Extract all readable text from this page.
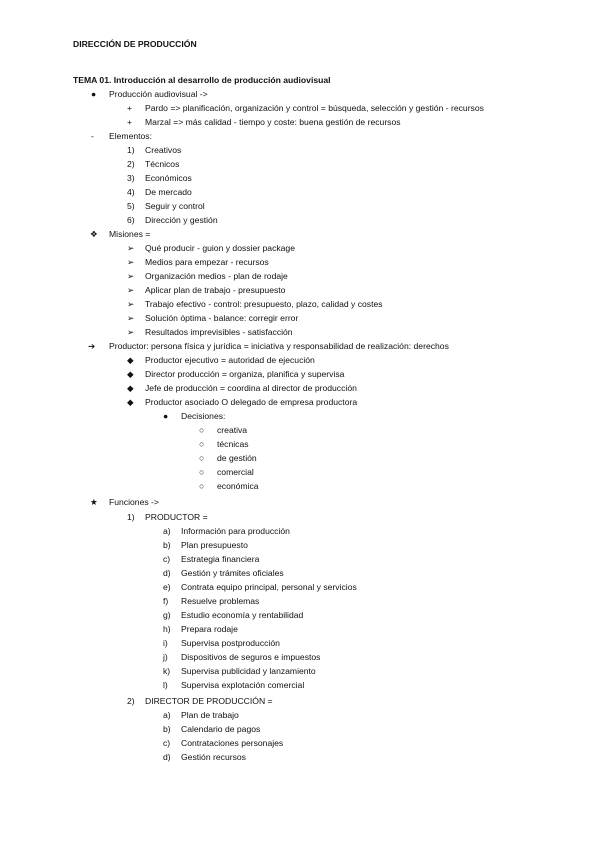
DIRECCIÓN DE PRODUCCIÓN
TEMA 01. Introducción al desarrollo de producción audiovisual
● Producción audiovisual ->
+ Pardo => planificación, organización y control = búsqueda, selección y gestión - recursos
+ Marzal => más calidad - tiempo y coste: buena gestión de recursos
- Elementos:
1) Creativos
2) Técnicos
3) Económicos
4) De mercado
5) Seguir y control
6) Dirección y gestión
❖ Misiones =
➢ Qué producir - guion y dossier package
➢ Medios para empezar - recursos
➢ Organización medios - plan de rodaje
➢ Aplicar plan de trabajo - presupuesto
➢ Trabajo efectivo - control: presupuesto, plazo, calidad y costes
➢ Solución óptima - balance: corregir error
➢ Resultados imprevisibles - satisfacción
➔ Productor: persona física y jurídica = iniciativa y responsabilidad de realización: derechos
◆ Productor ejecutivo = autoridad de ejecución
◆ Director producción = organiza, planifica y supervisa
◆ Jefe de producción = coordina al director de producción
◆ Productor asociado O delegado de empresa productora
● Decisiones:
○ creativa
○ técnicas
○ de gestión
○ comercial
○ económica
★ Funciones ->
1) PRODUCTOR =
a) Información para producción
b) Plan presupuesto
c) Estrategia financiera
d) Gestión y trámites oficiales
e) Contrata equipo principal, personal y servicios
f) Resuelve problemas
g) Estudio economía y rentabilidad
h) Prepara rodaje
i) Supervisa postproducción
j) Dispositivos de seguros e impuestos
k) Supervisa publicidad y lanzamiento
l) Supervisa explotación comercial
2) DIRECTOR DE PRODUCCIÓN =
a) Plan de trabajo
b) Calendario de pagos
c) Contrataciones personajes
d) Gestión recursos
